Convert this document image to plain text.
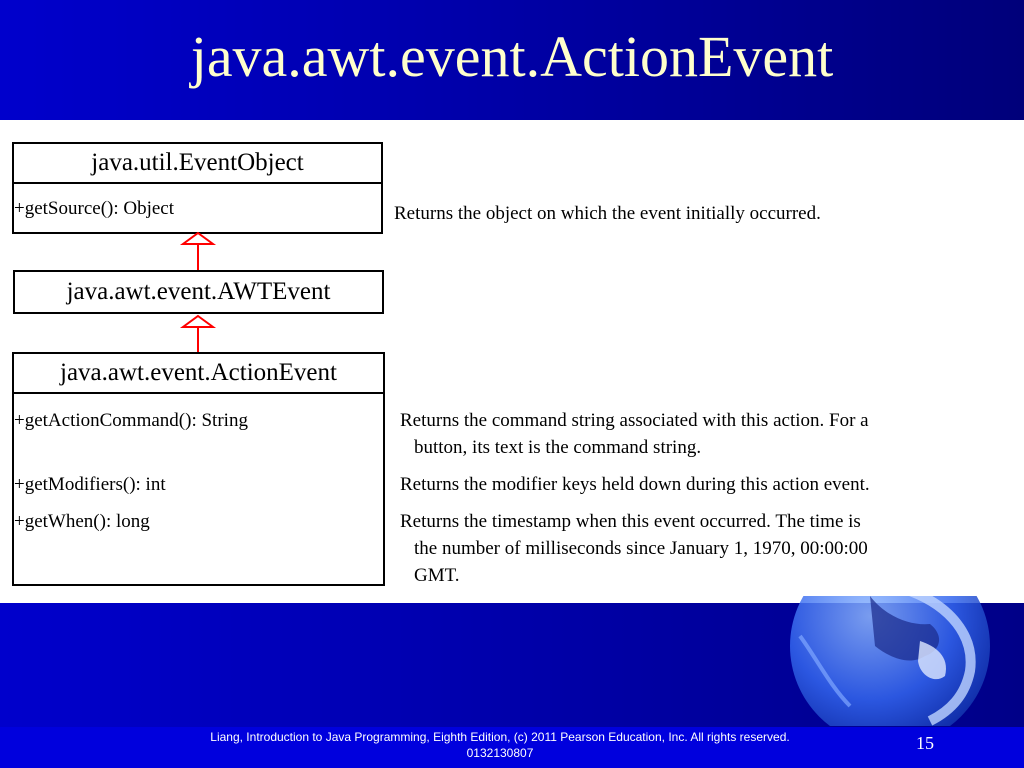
java.awt.event.ActionEvent
java.util.EventObject
+getSource(): Object
java.awt.event.AWTEvent
java.awt.event.ActionEvent
+getActionCommand(): String
+getModifiers(): int
+getWhen(): long
Returns the object on which the event initially occurred.
Returns the command string associated with this action. For a
button, its text is the command string.
Returns the modifier keys held down during this action event.
Returns the timestamp when this event occurred. The time is
the number of milliseconds since January 1, 1970, 00:00:00
GMT.
Liang, Introduction to Java Programming, Eighth Edition, (c) 2011 Pearson Education, Inc. All rights reserved. 0132130807	15
